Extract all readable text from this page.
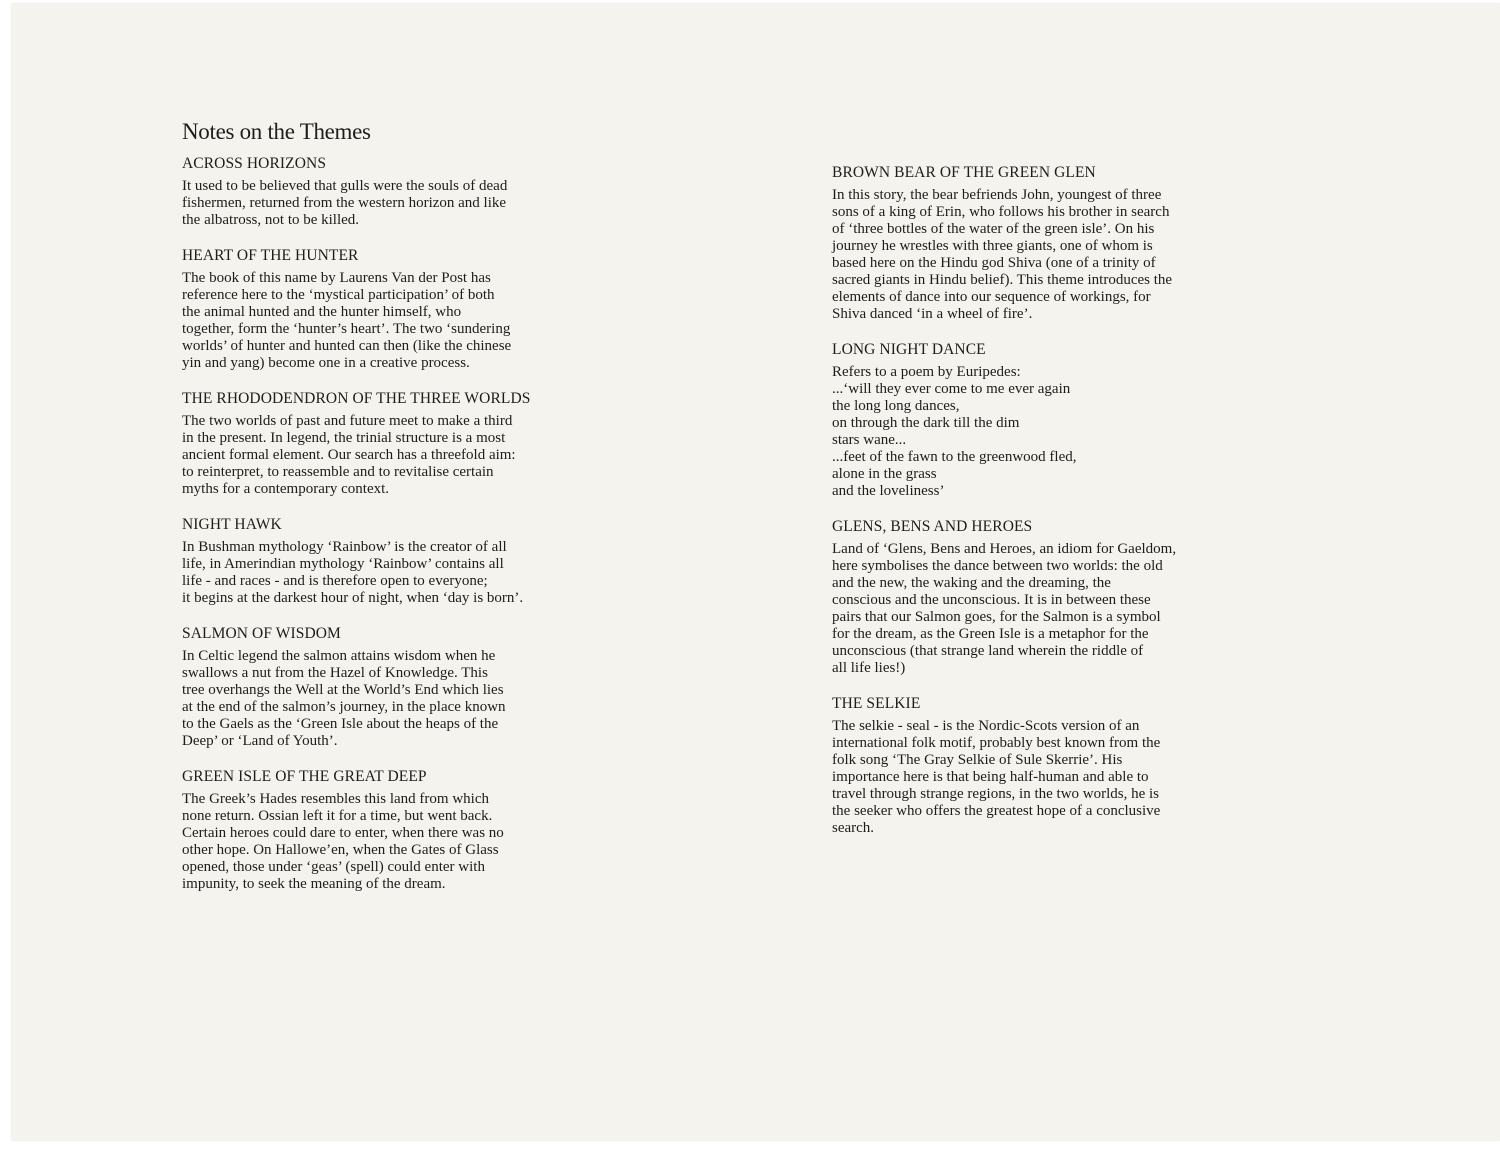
Notes on the Themes

ACROSS HORIZONS

It used to be believed that gulls were the souls of dead
fishermen, returned from the western horizon and like
the albatross, not to be killed.

HEART OF THE HUNTER

The book of this name by Laurens Van der Post has
reference here to the ‘mystical participation’ of both
the animal hunted and the hunter himself, who
together, form the ‘hunter’s heart’. The two ‘sundering
worlds’ of hunter and hunted can then (like the chinese
yin and yang) become one in a creative process.

THE RHODODENDRON OF THE THREE WORLDS

The two worlds of past and future meet to make a third
in the present. In legend, the trinial structure is a most
ancient formal element. Our search has a threefold aim:
to reinterpret, to reassemble and to revitalise certain
myths for a contemporary context.

NIGHT HAWK

In Bushman mythology ‘Rainbow’ is the creator of all
life, in Amerindian mythology ‘Rainbow’ contains all
life - and races - and is therefore open to everyone;
it begins at the darkest hour of night, when ‘day is born’.

SALMON OF WISDOM

In Celtic legend the salmon attains wisdom when he
swallows a nut from the Hazel of Knowledge. This
tree overhangs the Well at the World’s End which lies
at the end of the salmon’s journey, in the place known
to the Gaels as the ‘Green Isle about the heaps of the
Deep’ or ‘Land of Youth’.

GREEN ISLE OF THE GREAT DEEP

The Greek’s Hades resembles this land from which
none return. Ossian left it for a time, but went back.
Certain heroes could dare to enter, when there was no
other hope. On Hallowe’en, when the Gates of Glass
opened, those under ‘geas’ (spell) could enter with
impunity, to seek the meaning of the dream.

BROWN BEAR OF THE GREEN GLEN

In this story, the bear befriends John, youngest of three
sons of a king of Erin, who follows his brother in search
of ‘three bottles of the water of the green isle’. On his
journey he wrestles with three giants, one of whom is
based here on the Hindu god Shiva (one of a trinity of
sacred giants in Hindu belief). This theme introduces the
elements of dance into our sequence of workings, for
Shiva danced ‘in a wheel of fire’.

LONG NIGHT DANCE

Refers to a poem by Euripedes:
...‘will they ever come to me ever again
the long long dances,
on through the dark till the dim
stars wane...
...feet of the fawn to the greenwood fled,
alone in the grass
and the loveliness’

GLENS, BENS AND HEROES

Land of ‘Glens, Bens and Heroes, an idiom for Gaeldom,
here symbolises the dance between two worlds: the old
and the new, the waking and the dreaming, the
conscious and the unconscious. It is in between these
pairs that our Salmon goes, for the Salmon is a symbol
for the dream, as the Green Isle is a metaphor for the
unconscious (that strange land wherein the riddle of
all life lies!)

THE SELKIE

The selkie - seal - is the Nordic-Scots version of an
international folk motif, probably best known from the
folk song ‘The Gray Selkie of Sule Skerrie’. His
importance here is that being half-human and able to
travel through strange regions, in the two worlds, he is
the seeker who offers the greatest hope of a conclusive
search.
